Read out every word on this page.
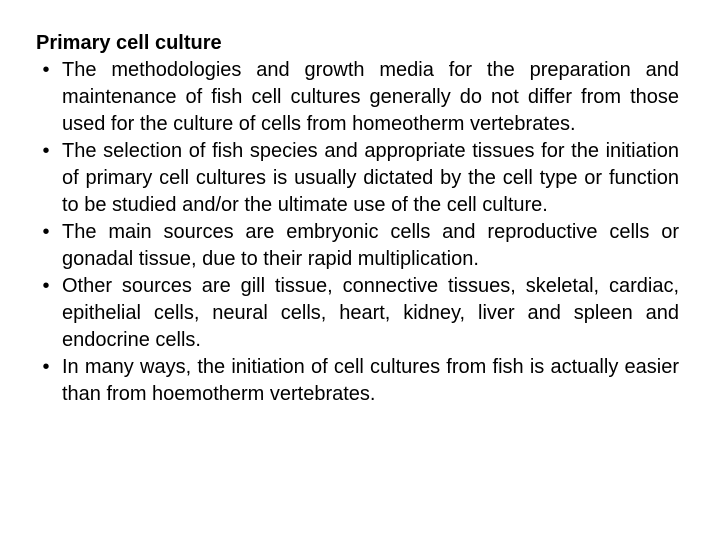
Primary cell culture
• The methodologies and growth media for the preparation and maintenance of fish cell cultures generally do not differ from those used for the culture of cells from homeotherm vertebrates.
• The selection of fish species and appropriate tissues for the initiation of primary cell cultures is usually dictated by the cell type or function to be studied and/or the ultimate use of the cell culture.
• The main sources are embryonic cells and reproductive cells or gonadal tissue, due to their rapid multiplication.
• Other sources are gill tissue, connective tissues, skeletal, cardiac, epithelial cells, neural cells, heart, kidney, liver and spleen and endocrine cells.
• In many ways, the initiation of cell cultures from fish is actually easier than from hoemotherm vertebrates.
